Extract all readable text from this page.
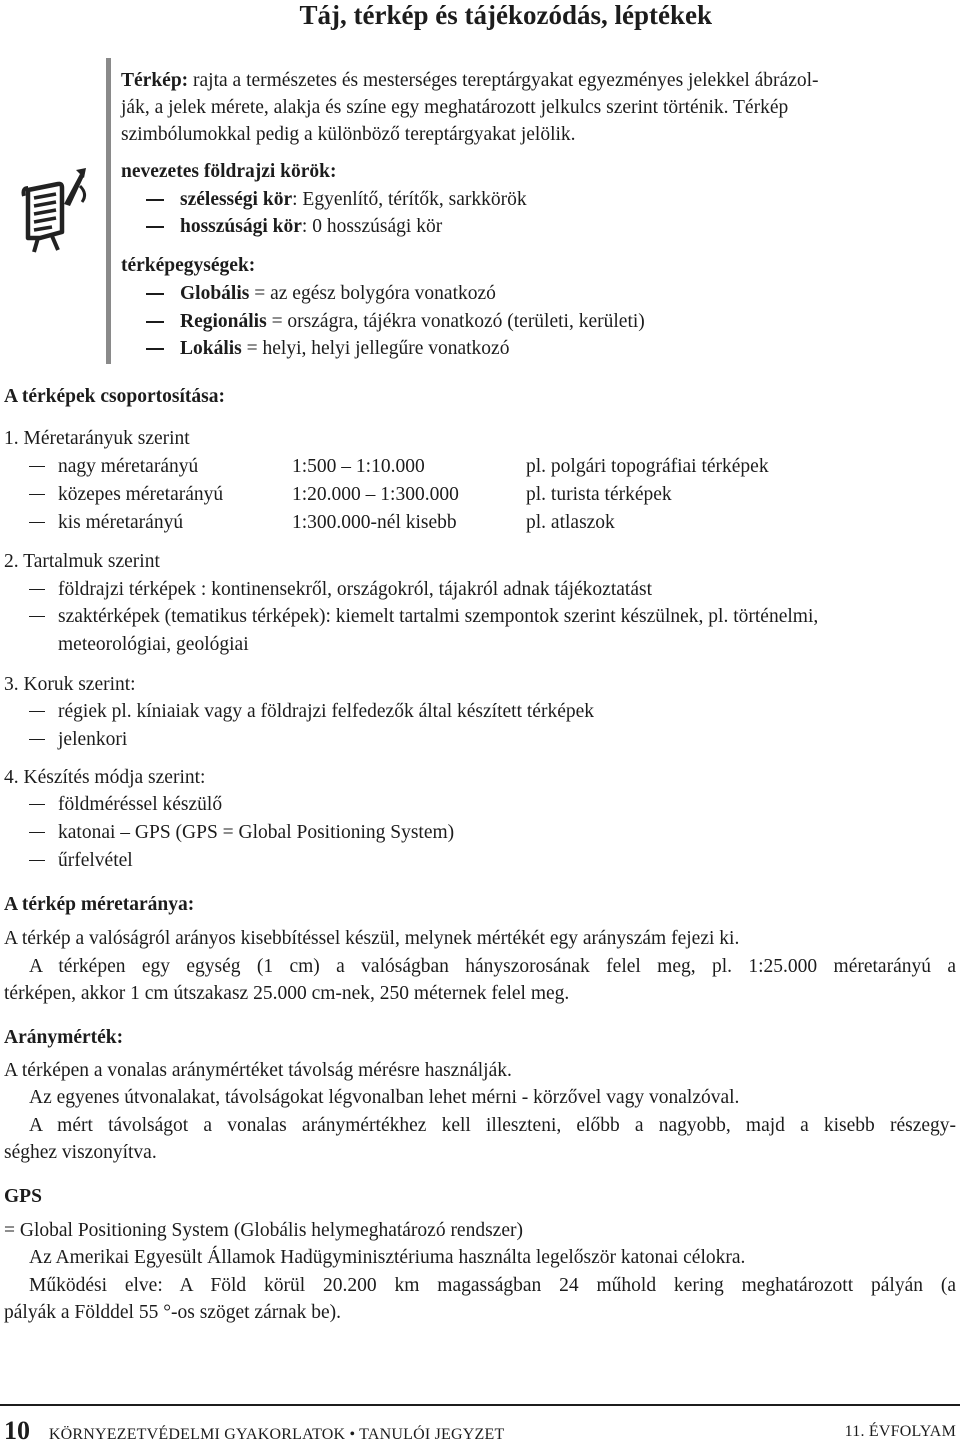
Táj, térkép és tájékozódás, léptékek
Térkép: rajta a természetes és mesterséges tereptárgyakat egyezményes jelekkel ábrázol-
ják, a jelek mérete, alakja és színe egy meghatározott jelkulcs szerint történik. Térkép
szimbólumokkal pedig a különböző tereptárgyakat jelölik.
nevezetes földrajzi körök:
szélességi kör: Egyenlítő, térítők, sarkkörök
hosszúsági kör: 0 hosszúsági kör
térképegységek:
Globális = az egész bolygóra vonatkozó
Regionális = országra, tájékra vonatkozó (területi, kerületi)
Lokális = helyi, helyi jellegűre vonatkozó
A térképek csoportosítása:
1. Méretarányuk szerint
nagy méretarányú	1:500 – 1:10.000	pl. polgári topográfiai térképek
közepes méretarányú	1:20.000 – 1:300.000	pl. turista térképek
kis méretarányú	1:300.000-nél kisebb	pl. atlaszok
2. Tartalmuk szerint
földrajzi térképek : kontinensekről, országokról, tájakról adnak tájékoztatást
szaktérképek (tematikus térképek): kiemelt tartalmi szempontok szerint készülnek, pl. történelmi,
meteorológiai, geológiai
3. Koruk szerint:
régiek pl. kíniaiak vagy a földrajzi felfedezők által készített térképek
jelenkori
4. Készítés módja szerint:
földméréssel készülő
katonai – GPS (GPS = Global Positioning System)
űrfelvétel
A térkép méretaránya:
A térkép a valóságról arányos kisebbítéssel készül, melynek mértékét egy arányszám fejezi ki.
A térképen egy egység (1 cm) a valóságban hányszorosának felel meg, pl. 1:25.000 méretarányú a
térképen, akkor 1 cm útszakasz 25.000 cm-nek, 250 méternek felel meg.
Aránymérték:
A térképen a vonalas aránymértéket távolság mérésre használják.
Az egyenes útvonalakat, távolságokat légvonalban lehet mérni - körzővel vagy vonalzóval.
A mért távolságot a vonalas aránymértékhez kell illeszteni, előbb a nagyobb, majd a kisebb részegy-
séghez viszonyítva.
GPS
= Global Positioning System (Globális helymeghatározó rendszer)
Az Amerikai Egyesült Államok Hadügyminisztériuma használta legelőször katonai célokra.
Működési elve: A Föld körül 20.200 km magasságban 24 műhold kering meghatározott pályán (a
pályák a Földdel 55 °-os szöget zárnak be).
10 KÖRNYEZETVÉDELMI GYAKORLATOK • TANULÓI JEGYZET	11. ÉVFOLYAM
